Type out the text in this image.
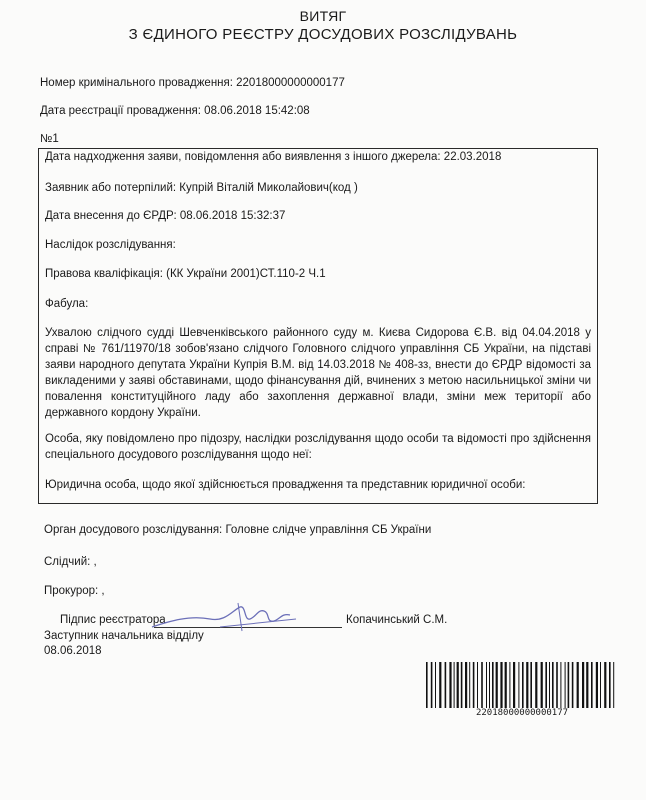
ВИТЯГ
З ЄДИНОГО РЕЄСТРУ ДОСУДОВИХ РОЗСЛІДУВАНЬ
Номер кримінального провадження: 22018000000000177
Дата реєстрації провадження: 08.06.2018 15:42:08
№1
Дата надходження заяви, повідомлення або виявлення з іншого джерела: 22.03.2018
Заявник або потерпілий: Купрій Віталій Миколайович(код )
Дата внесення до ЄРДР: 08.06.2018 15:32:37
Наслідок розслідування:
Правова кваліфікація: (КК України 2001)СТ.110-2 Ч.1
Фабула:
Ухвалою слідчого судді Шевченківського районного суду м. Києва Сидорова Є.В. від 04.04.2018 у справі № 761/11970/18 зобов'язано слідчого Головного слідчого управління СБ України, на підставі заяви народного депутата України Купрія В.М. від 14.03.2018 № 408-зз, внести до ЄРДР відомості за викладеними у заяві обставинами, щодо фінансування дій, вчинених з метою насильницької зміни чи повалення конституційного ладу або захоплення державної влади, зміни меж території або державного кордону України.
Особа, яку повідомлено про підозру, наслідки розслідування щодо особи та відомості про здійснення спеціального досудового розслідування щодо неї:
Юридична особа, щодо якої здійснюється провадження та представник юридичної особи:
Орган досудового розслідування: Головне слідче управління СБ України
Слідчий: ,
Прокурор: ,
Підпис реєстратора	Копачинський С.М.
Заступник начальника відділу
08.06.2018
22018000000000177
